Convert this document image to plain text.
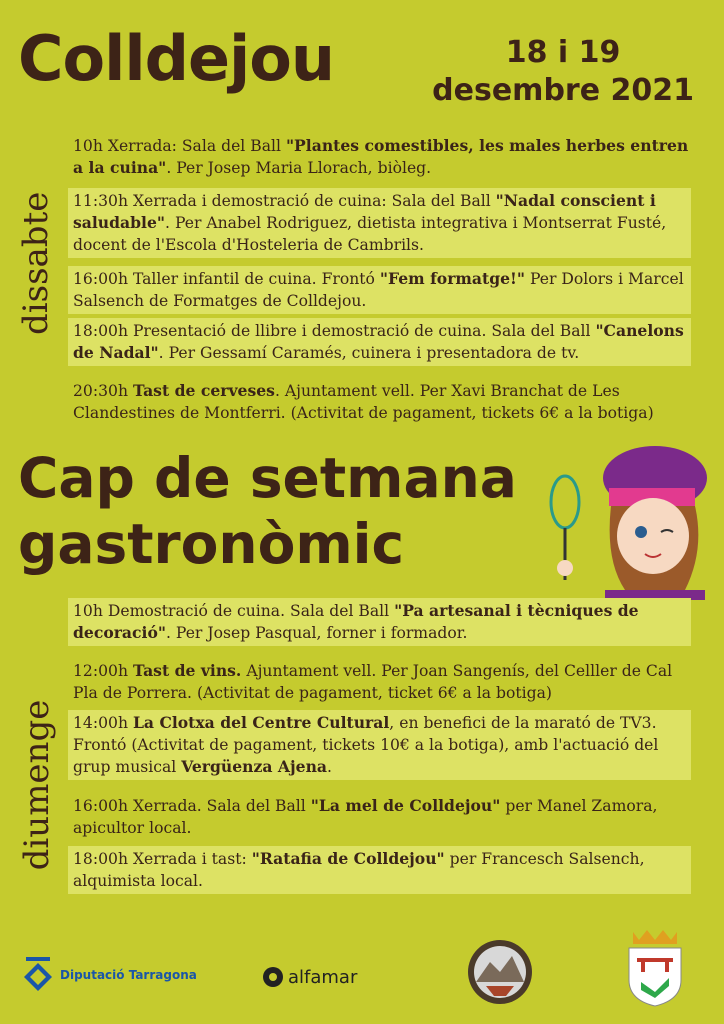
Colldejou	18 i 19
desembre 2021
dissabte
diumenge
10h Xerrada: Sala del Ball "Plantes comestibles, les males herbes entren a la cuina". Per Josep Maria Llorach, biòleg.
11:30h Xerrada i demostració de cuina: Sala del Ball "Nadal conscient i saludable". Per Anabel Rodriguez, dietista integrativa i Montserrat Fusté, docent de l'Escola d'Hosteleria de Cambrils.
16:00h Taller infantil de cuina. Frontó "Fem formatge!" Per Dolors i Marcel Salsench de Formatges de Colldejou.
18:00h Presentació de llibre i demostració de cuina. Sala del Ball "Canelons de Nadal". Per Gessamí Caramés, cuinera i presentadora de tv.
20:30h Tast de cerveses. Ajuntament vell. Per Xavi Branchat de Les Clandestines de Montferri. (Activitat de pagament, tickets 6€ a la botiga)
Cap de setmana
gastronòmic
10h Demostració de cuina. Sala del Ball "Pa artesanal i tècniques de decoració". Per Josep Pasqual, forner i formador.
12:00h Tast de vins. Ajuntament vell. Per Joan Sangenís, del Celller de Cal Pla de Porrera. (Activitat de pagament, ticket 6€ a la botiga)
14:00h La Clotxa del Centre Cultural, en benefici de la marató de TV3. Frontó (Activitat de pagament, tickets 10€ a la botiga), amb l'actuació del grup musical Vergüenza Ajena.
16:00h Xerrada. Sala del Ball "La mel de Colldejou" per Manel Zamora, apicultor local.
18:00h Xerrada i tast: "Ratafia de Colldejou" per Francesch Salsench, alquimista local.
Diputació Tarragona	alfamar
